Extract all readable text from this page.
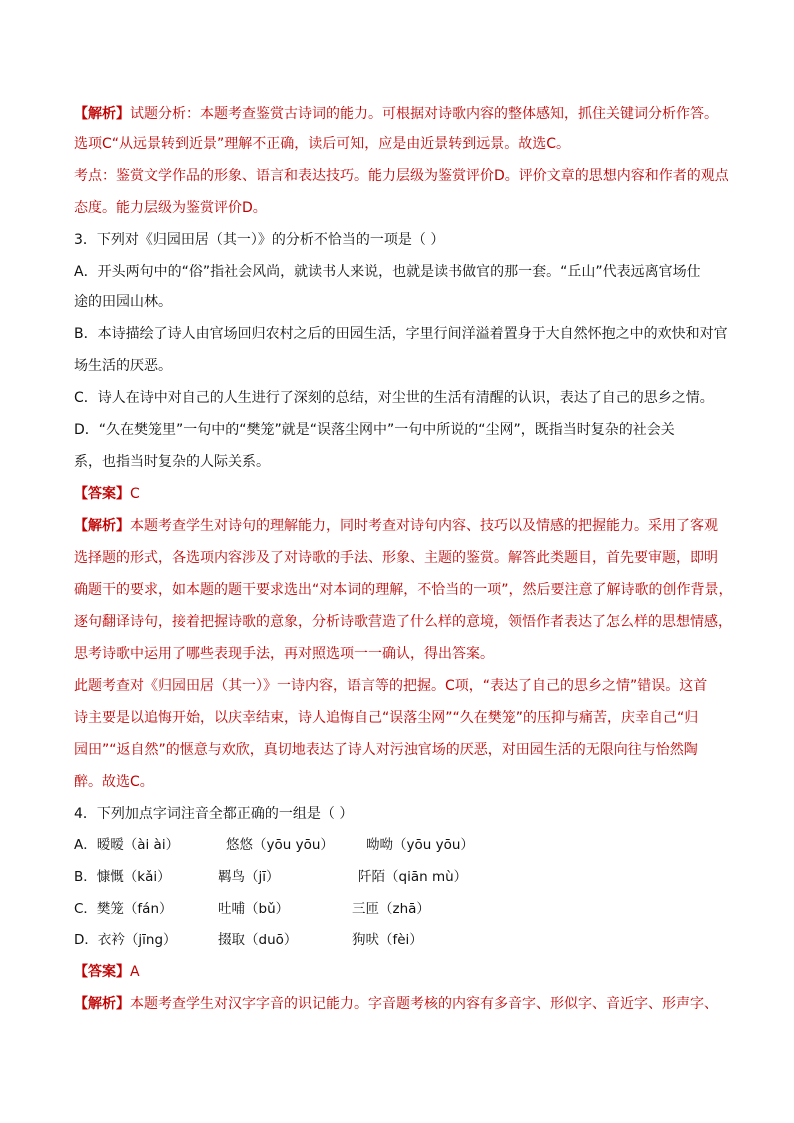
【解析】试题分析：本题考查鉴赏古诗词的能力。可根据对诗歌内容的整体感知，抓住关键词分析作答。
选项C“从远景转到近景”理解不正确，读后可知，应是由近景转到远景。故选C。
考点：鉴赏文学作品的形象、语言和表达技巧。能力层级为鉴赏评价D。评价文章的思想内容和作者的观点
态度。能力层级为鉴赏评价D。
3．下列对《归园田居（其一）》的分析不恰当的一项是（ ）
A．开头两句中的“俗”指社会风尚，就读书人来说，也就是读书做官的那一套。“丘山”代表远离官场仕
途的田园山林。
B．本诗描绘了诗人由官场回归农村之后的田园生活，字里行间洋溢着置身于大自然怀抱之中的欢快和对官
场生活的厌恶。
C．诗人在诗中对自己的人生进行了深刻的总结，对尘世的生活有清醒的认识，表达了自己的思乡之情。
D．“久在樊笼里”一句中的“樊笼”就是“误落尘网中”一句中所说的“尘网”，既指当时复杂的社会关
系，也指当时复杂的人际关系。
【答案】C
【解析】本题考查学生对诗句的理解能力，同时考查对诗句内容、技巧以及情感的把握能力。采用了客观
选择题的形式，各选项内容涉及了对诗歌的手法、形象、主题的鉴赏。解答此类题目，首先要审题，即明
确题干的要求，如本题的题干要求选出“对本词的理解，不恰当的一项”，然后要注意了解诗歌的创作背景，
逐句翻译诗句，接着把握诗歌的意象，分析诗歌营造了什么样的意境，领悟作者表达了怎么样的思想情感，
思考诗歌中运用了哪些表现手法，再对照选项一一确认，得出答案。
此题考查对《归园田居（其一）》一诗内容，语言等的把握。C项，“表达了自己的思乡之情”错误。这首
诗主要是以追悔开始，以庆幸结束，诗人追悔自己“误落尘网”“久在樊笼”的压抑与痛苦，庆幸自己“归
园田”“返自然”的惬意与欢欣，真切地表达了诗人对污浊官场的厌恶，对田园生活的无限向往与怡然陶
醉。故选C。
4．下列加点字词注音全都正确的一组是（ ）
A．暧暧（ài ài）	悠悠（yōu yōu） 呦呦（yōu yōu）
B．慷慨（kǎi）	羁鸟（jī）	阡陌（qiān mù）
C．樊笼（fán）	吐哺（bǔ）	三匝（zhā）
D．衣衿（jīng）	掇取（duō）	狗吠（fèi）
【答案】A
【解析】本题考查学生对汉字字音的识记能力。字音题考核的内容有多音字、形似字、音近字、形声字、
